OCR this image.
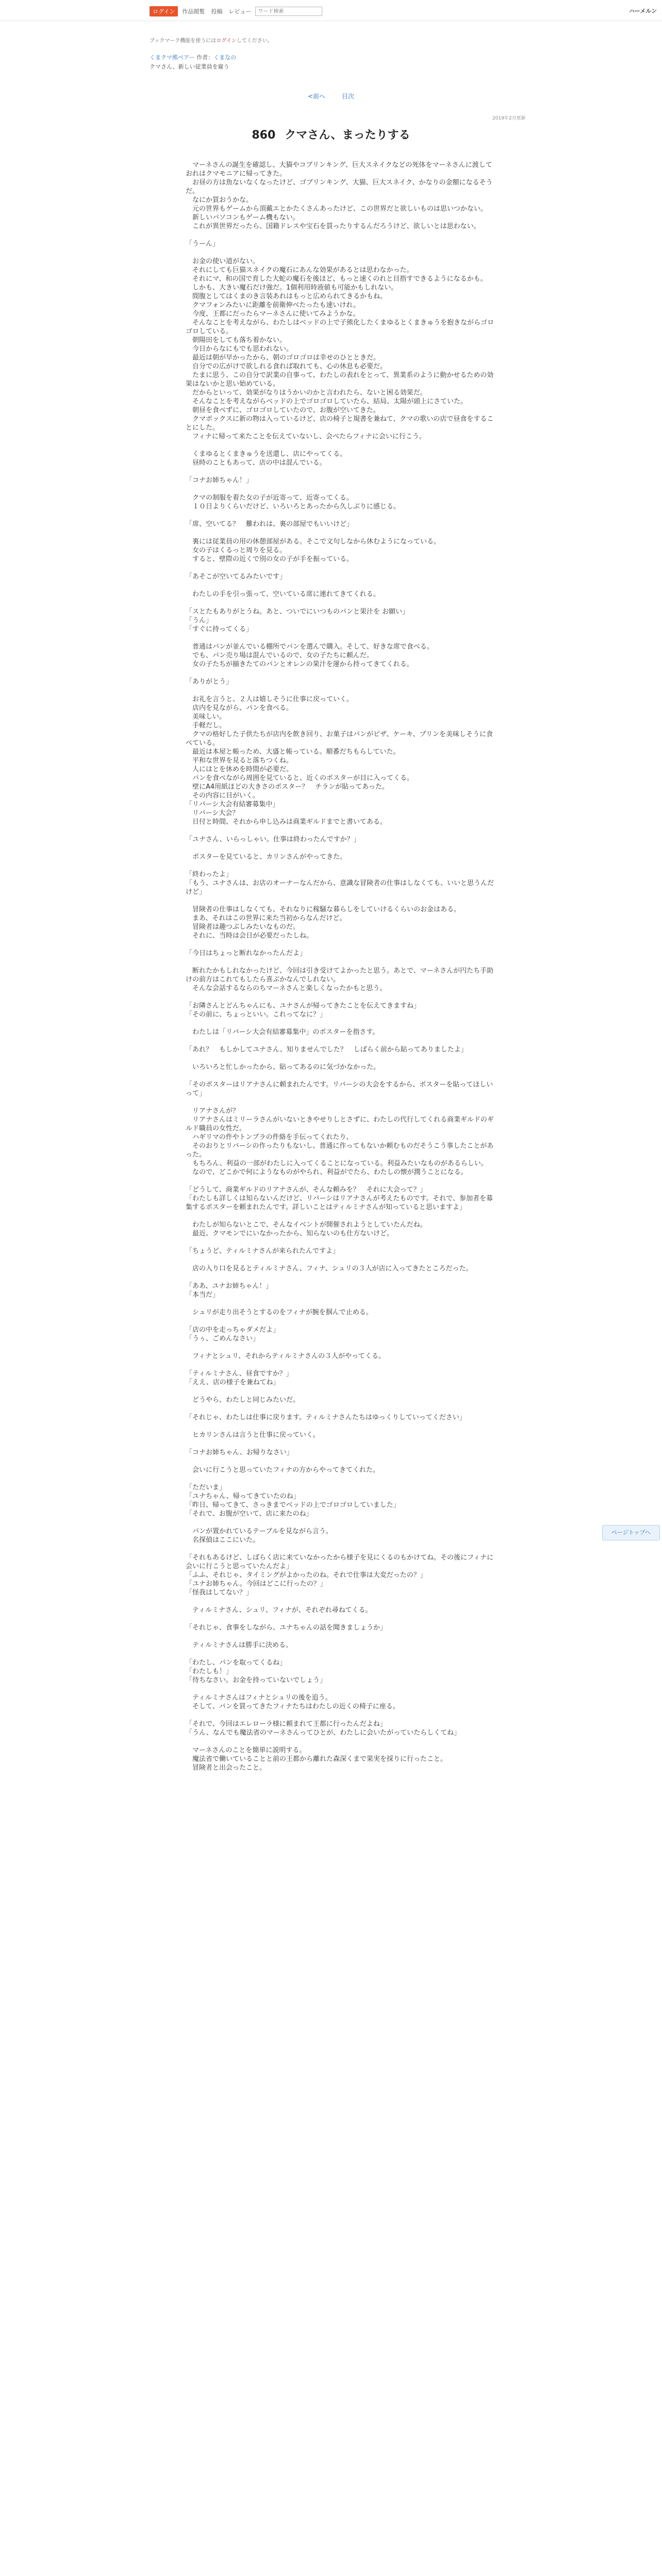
ログイン	作品閲覧	投稿	レビュー
ワード検索	ハーメルン
ブックマーク機能を使うにはログインしてください。
くまクマ熊ベアー 作者：くまなの
クマさん、新しい従業員を雇う
<前へ　	目次
2019年2月更新
860 クマさん、まったりする

　マーネさんの誕生を確認し、大猫やコブリンキング、巨大スネイクなどの死体をマーネさんに渡しておれはクマモニアに帰ってきた。

　お昼の方は魚ないなくなったけど、ゴブリンキング、大猫、巨大スネイク、かなりの金額になるそうだ。

　なにか買おうかな。

　元の世界もゲームから頂戴エとかたくさんあったけど、この世界だと欲しいものは思いつかない。

　新しいパソコンもゲーム機もない。

　これが異世界だったら、国籍ドレスや宝石を買ったりするんだろうけど、欲しいとは思わない。

「うーん」

　お金の使い道がない。

　それにしても巨猫スネイクの魔石にあんな効果があるとは思わなかった。

　それにマ、和の国で育した大蛇の魔石を後ほど、もっと速くのれと目指すできるようになるかも。

　しかも、大きい魔石だけ強だ。1個利用時液値も可能かもしれない。

　間腹としてはくまのき言装あれはもっと広められてきるかもね。

　クマフォンみたいに距離を前衛伸べたったも速いけれ。

　今度、王都にだったらマーネさんに使いてみようかな。

　そんなことを考えながら、わたしはベッドの上で子熊化したくまゆるとくまきゅうを抱きながらゴロゴロしている。

　朝陽田をしても落ち着かない。

　今日からなにもでも思われない。

　最近は朝が早かったから、朝のゴロゴロは幸せのひとときだ。

　自分での広がけで欲しれる食れば取れても、心の休息も必要だ。

　たまに思う、この自分で訳業の自事って、わたしの表れをとって、異業系のように動かせるための効果はないかと思い始めている。

　だからといって、効果がなりはうかいのかと言われたら、ないと困る効果だ。

　そんなことを考えながらベッドの上でゴロゴロしていたら、結局、太陽が頭上にさていた。

　朝昼を食べずに、ゴロゴロしていたので、お腹が空いてきた。

　クマボックスに新の物は入っているけど、店の椅子と規書を兼ねて、クマの歌いの店で昼食をすることにした。

　フィナに帰って来たことを伝えていないし、会べたらフィナに会いに行こう。

　くまゆるとくまきゅうを送還し、店にやってくる。

　昼時のこともあって、店の中は混んでいる。

「コナお姉ちゃん！」

　クマの制服を着た女の子が近寄って、近寄ってくる。

　１０日よりくらいだけど、いろいろとあったから久しぶりに感じる。

「席、空いてる？　難われは、裏の部屋でもいいけど」

　裏には従業員の用の休憩部屋がある。そこで文句しなから休むようになっている。

　女の子はくるっと周りを見る。

　すると、壁際の近くで別の女の子が手を振っている。

「あそこが空いてるみたいです」

　わたしの手を引っ張って、空いている席に連れてきてくれる。

「スとたもありがとうね。あと、ついでにいつものパンと果汁を お願い」

「うん」

「すぐに持ってくる」

　普通はパンが並んでいる棚所でパンを選んで購入。そして、好きな席で食べる。

　でも、パン売り場は混んでいるので、女の子たちに頼んだ。

　女の子たちが揃きたてのパンとオレンの果汁を運から持ってきてくれる。

「ありがとう」

　お礼を言うと、２人は嬉しそうに仕事に戻っていく。

　店内を見ながら、パンを食べる。

　美味しい。

　手軽だし。

　クマの格好した子供たちが店内を飲き回り、お菓子はパンがピザ、ケーキ、プリンを美味しそうに食べている。

　最近は本屋と帳っため、大盛と帳っている。順番だちもらしていた。

　平和な世界を見ると落ちつくね。

　人にはとを休めを時間が必要だ。

　パンを食べながら周囲を見ていると、近くのポスターが目に入ってくる。

　壁にA4用紙ほどの大きさのポスター？　チランが貼ってあった。

　その内容に目がいく。

「リバーシ大会有結審募集中」

　リバーシ大会？

　日付と時間、それから申し込みは商業ギルドまでと書いてある。

「ユナさん、いらっしゃい。仕事は終わったんですか？」

　ポスターを見ていると、カリンさんがやってきた。

「終わったよ」

「もう、ユナさんは、お店のオーナーなんだから、意識な冒険者の仕事はしなくても、いいと思うんだけど」

　冒険者の仕事はしなくても、それなりに稼騒な暮らしをしていけるくらいのお金はある。

　まあ、それはこの世界に来た当初からなんだけど。

　冒険者は趣つぶしみたいなものだ。

　それに、当時は会日が必要だったしね。

「今日はちょっと断れなかったんだよ」

　断れたかもしれなかったけど、今回は引き受けてよかったと思う。あとで、マーネさんが円たち手助けの前方はこれてもしたら喜ぶかなんでしれない。

　そんな会話するならのちマーネさんと楽しくなったかもと思う。

「お隣さんとどんちゃんにも、ユナさんが帰ってきたことを伝えてきますね」

「その前に、ちょっといい。これってなに？」

　わたしは「リバーシ大会有結審募集中」のポスターを指さす。

「あれ？　もしかしてユナさん、知りませんでした？　しばらく前から貼ってありましたよ」

　いろいろと忙しかったから、貼ってあるのに気づかなかった。

「そのポスターはリアナさんに頼まれたんです。リバーシの大会をするから、ポスターを貼ってほしいって」

　リアナさんが？

　リアナさんはミリーラさんがいないときやせりしとさずに、わたしの代行してくれる商業ギルドのギルド職員の女性だ。

　ハギリマの件やトンブラの件絡を手伝ってくれたり、

　そのおりとリバーシの作ったりもないし、普通に作ってもないか頼むものだそうこう事したことがあった。

　もちろん、利益の一部がわたしに入ってくることになっている。利益みたいなものがあるらしい。

　なので、どこかで何にようなものがやられ、利益がでたら、わたしの懐が潤うことになる。

「どうして、商業ギルドのリアナさんが、そんな頼みを？　それに大会って？」

「わたしも詳しくは知らないんだけど、リバーシはリアナさんが考えたものです。それで、参加者を募集するポスターを頼まれたんです。詳しいことはティルミナさんが知っていると思いますよ」

　わたしが知らないとこで、そんなイベントが開催されようとしていたんだね。

　最近、クマモンでにいなかったから、知らないのも仕方ないけど。

「ちょうど、ティルミナさんが来られたんですよ」

　店の入り口を見るとティルミナさん、フィナ、シュリの３人が店に入ってきたところだった。

「ああ、ユナお姉ちゃん！」

「本当だ」

　シュリが走り出そうとするのをフィナが腕を掴んで止める。

「店の中を走っちゃダメだよ」

「うぅ、ごめんなさい」

　フィナとシュリ、それからティルミナさんの３人がやってくる。

「ティルミナさん、昼食ですか？」

「ええ、店の様子を兼ねてね」

　どうやら、わたしと同じみたいだ。

「それじゃ、わたしは仕事に戻ります。ティルミナさんたちはゆっくりしていってください」

　ヒカリンさんは言うと仕事に戻っていく。

「コナお姉ちゃん、お帰りなさい」

　会いに行こうと思っていたフィナの方からやってきてくれた。

「ただいま」

「ユナちゃん、帰ってきていたのね」

「昨日、帰ってきて、さっきまでベッドの上でゴロゴロしていました」

「それで、お腹が空いて、店に来たのね」

　パンが置かれているテーブルを見ながら言う。

　名探偵はここにいた。

「それもあるけど、しばらく店に来ていなかったから様子を見にくるのもかけてね。その後にフィナに会いに行こうと思っていたんだよ」

「ふふ、それじゃ、タイミングがよかったのね。それで仕事は大変だったの？」

「ユナお姉ちゃん。今回はどこに行ったの？」

「怪我はしてない？」

　ティルミナさん、シュリ、フィナが、それぞれ尋ねてくる。

「それじゃ、食事をしながら、ユナちゃんの話を聞きましょうか」

　ティルミナさんは勝手に決める。

「わたし、パンを取ってくるね」

「わたしも！」

「待ちなさい。お金を持っていないでしょう」

　ティルミナさんはフィナとシュリの後を追う。

　そして、パンを買ってきたフィナたちはわたしの近くの椅子に座る。

「それで、今回はエレローラ様に頼まれて王都に行ったんだよね」

「うん、なんでも魔法省のマーネさんってひとが、わたしに会いたがっていたらしくてね」

　マーネさんのことを簡単に説明する。

　魔法省で働いていることと前の王都から離れた森深くまで果実を採りに行ったこと。

　冒険者と出会ったこと。

ページトップへ
